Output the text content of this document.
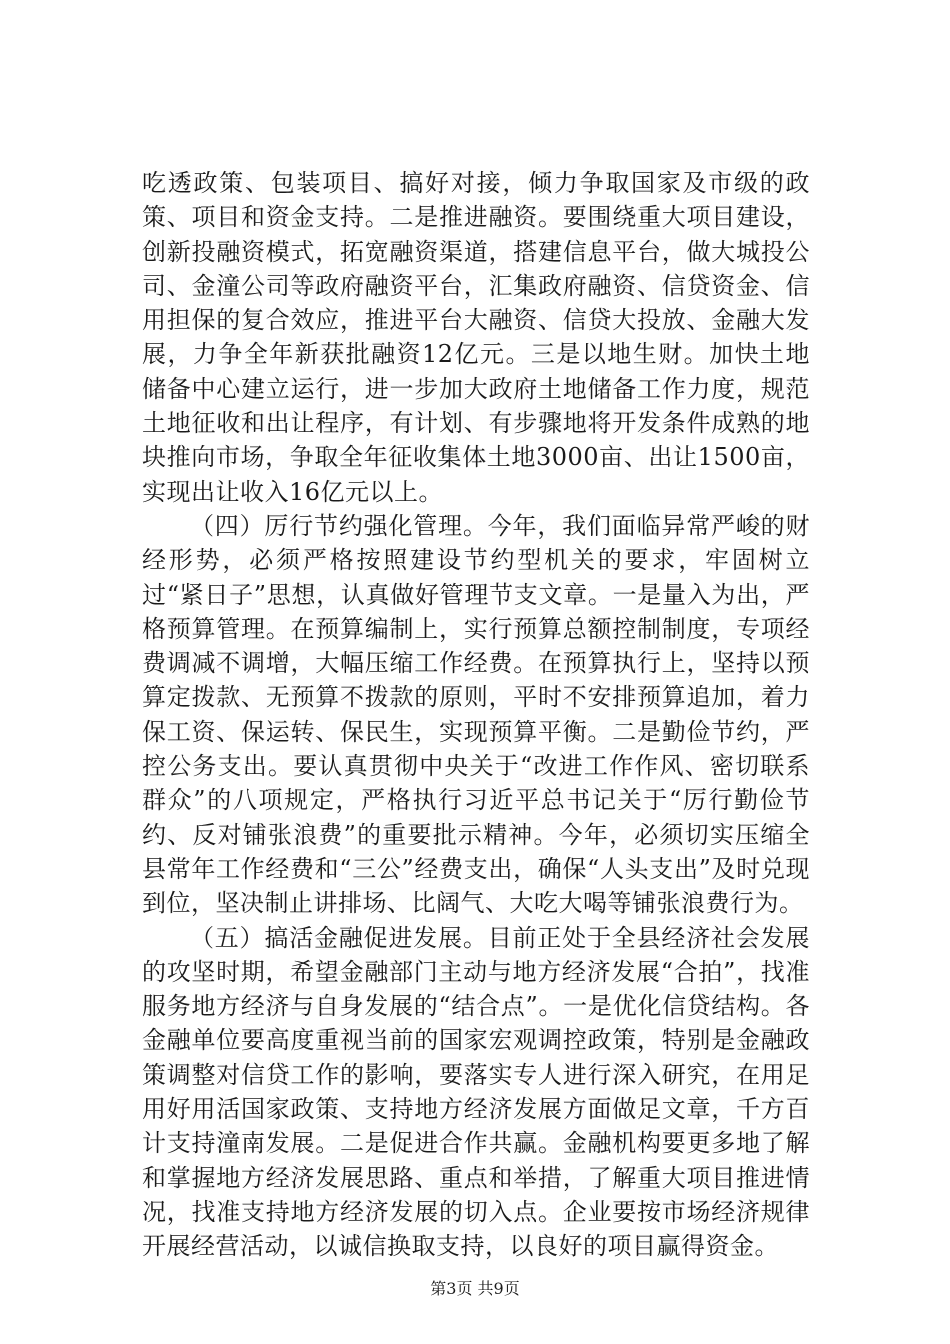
吃透政策、包装项目、搞好对接，倾力争取国家及市级的政策、项目和资金支持。二是推进融资。要围绕重大项目建设，创新投融资模式，拓宽融资渠道，搭建信息平台，做大城投公司、金潼公司等政府融资平台，汇集政府融资、信贷资金、信用担保的复合效应，推进平台大融资、信贷大投放、金融大发展，力争全年新获批融资12亿元。三是以地生财。加快土地储备中心建立运行，进一步加大政府土地储备工作力度，规范土地征收和出让程序，有计划、有步骤地将开发条件成熟的地块推向市场，争取全年征收集体土地3000亩、出让1500亩，实现出让收入16亿元以上。

（四）厉行节约强化管理。今年，我们面临异常严峻的财经形势，必须严格按照建设节约型机关的要求，牢固树立过“紧日子”思想，认真做好管理节支文章。一是量入为出，严格预算管理。在预算编制上，实行预算总额控制制度，专项经费调减不调增，大幅压缩工作经费。在预算执行上，坚持以预算定拨款、无预算不拨款的原则，平时不安排预算追加，着力保工资、保运转、保民生，实现预算平衡。二是勤俭节约，严控公务支出。要认真贯彻中央关于“改进工作作风、密切联系群众”的八项规定，严格执行习近平总书记关于“厉行勤俭节约、反对铺张浪费”的重要批示精神。今年，必须切实压缩全县常年工作经费和“三公”经费支出，确保“人头支出”及时兑现到位，坚决制止讲排场、比阔气、大吃大喝等铺张浪费行为。

（五）搞活金融促进发展。目前正处于全县经济社会发展的攻坚时期，希望金融部门主动与地方经济发展“合拍”，找准服务地方经济与自身发展的“结合点”。一是优化信贷结构。各金融单位要高度重视当前的国家宏观调控政策，特别是金融政策调整对信贷工作的影响，要落实专人进行深入研究，在用足用好用活国家政策、支持地方经济发展方面做足文章，千方百计支持潼南发展。二是促进合作共赢。金融机构要更多地了解和掌握地方经济发展思路、重点和举措，了解重大项目推进情况，找准支持地方经济发展的切入点。企业要按市场经济规律开展经营活动，以诚信换取支持，以良好的项目赢得资金。

第3页 共9页
